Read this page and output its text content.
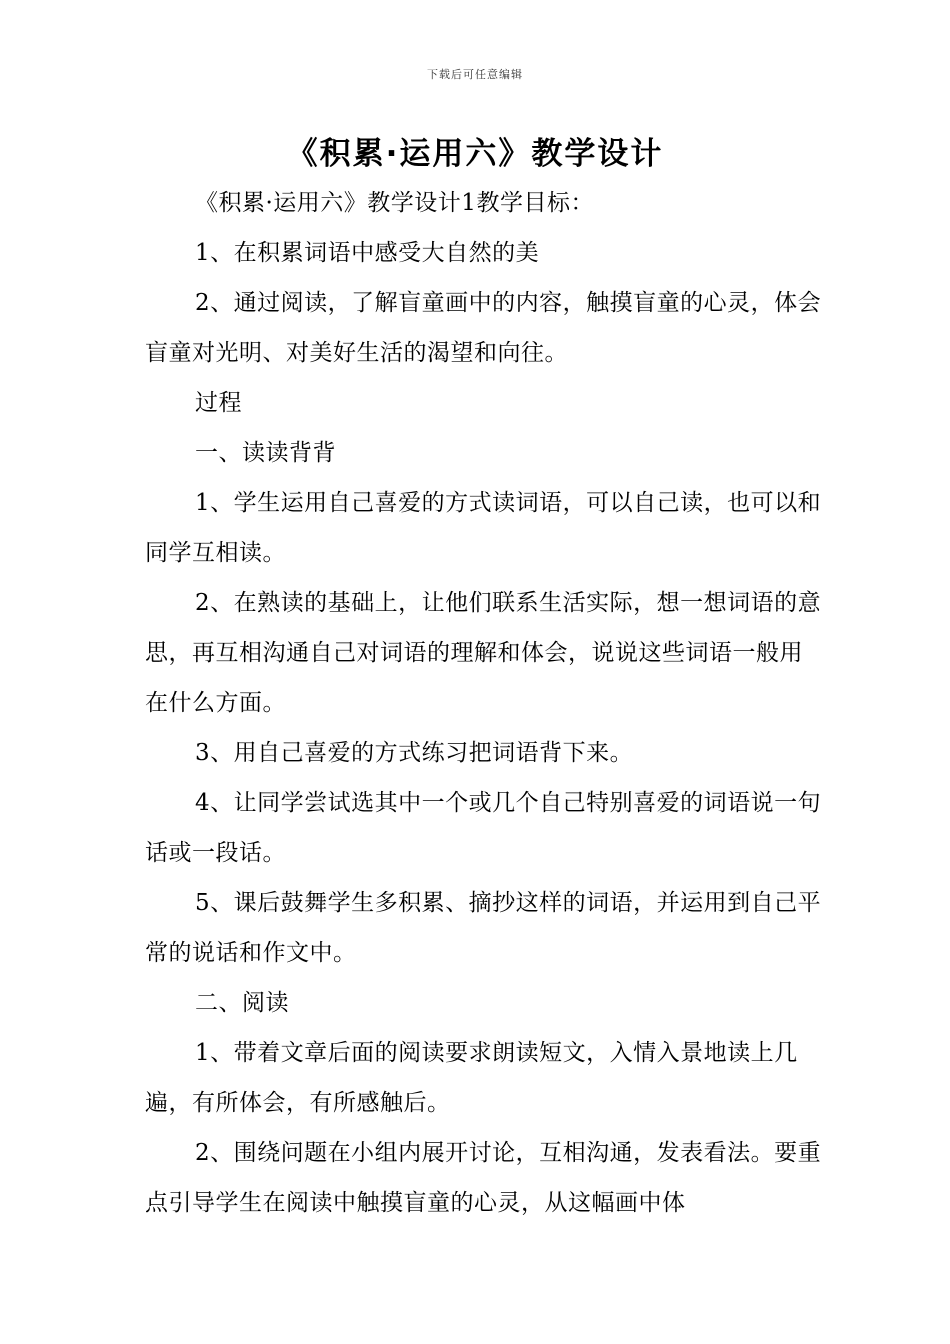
下载后可任意编辑
《积累·运用六》教学设计

《积累·运用六》教学设计1教学目标：

1、在积累词语中感受大自然的美

2、通过阅读，了解盲童画中的内容，触摸盲童的心灵，体会盲童对光明、对美好生活的渴望和向往。

过程

一、读读背背

1、学生运用自己喜爱的方式读词语，可以自己读，也可以和同学互相读。

2、在熟读的基础上，让他们联系生活实际，想一想词语的意思，再互相沟通自己对词语的理解和体会，说说这些词语一般用在什么方面。

3、用自己喜爱的方式练习把词语背下来。

4、让同学尝试选其中一个或几个自己特别喜爱的词语说一句话或一段话。

5、课后鼓舞学生多积累、摘抄这样的词语，并运用到自己平常的说话和作文中。

二、阅读

1、带着文章后面的阅读要求朗读短文，入情入景地读上几遍，有所体会，有所感触后。

2、围绕问题在小组内展开讨论，互相沟通，发表看法。要重点引导学生在阅读中触摸盲童的心灵，从这幅画中体
